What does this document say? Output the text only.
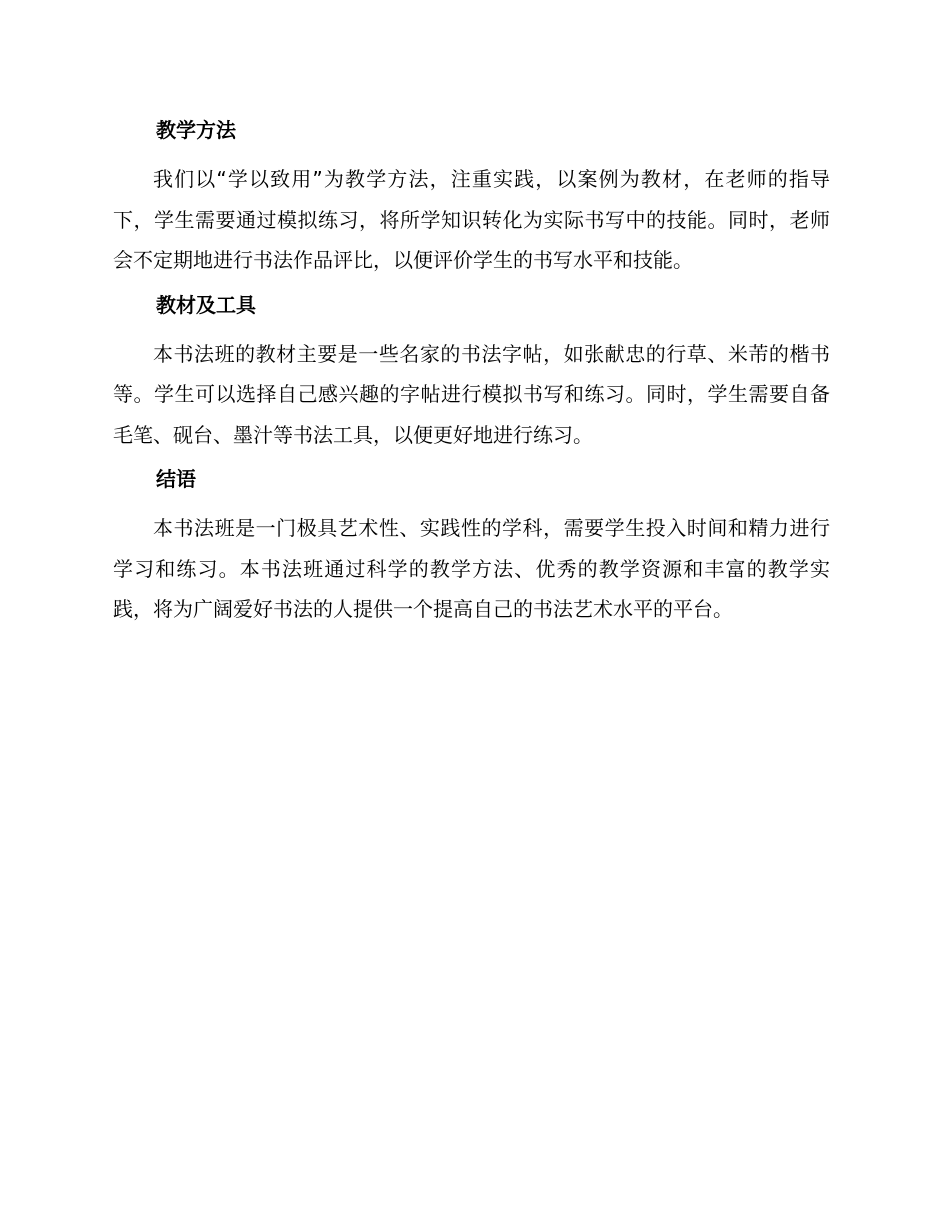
教学方法

我们以“学以致用”为教学方法，注重实践，以案例为教材，在老师的指导下，学生需要通过模拟练习，将所学知识转化为实际书写中的技能。同时，老师会不定期地进行书法作品评比，以便评价学生的书写水平和技能。

教材及工具

本书法班的教材主要是一些名家的书法字帖，如张献忠的行草、米芾的楷书等。学生可以选择自己感兴趣的字帖进行模拟书写和练习。同时，学生需要自备毛笔、砚台、墨汁等书法工具，以便更好地进行练习。

结语

本书法班是一门极具艺术性、实践性的学科，需要学生投入时间和精力进行学习和练习。本书法班通过科学的教学方法、优秀的教学资源和丰富的教学实践，将为广阔爱好书法的人提供一个提高自己的书法艺术水平的平台。
